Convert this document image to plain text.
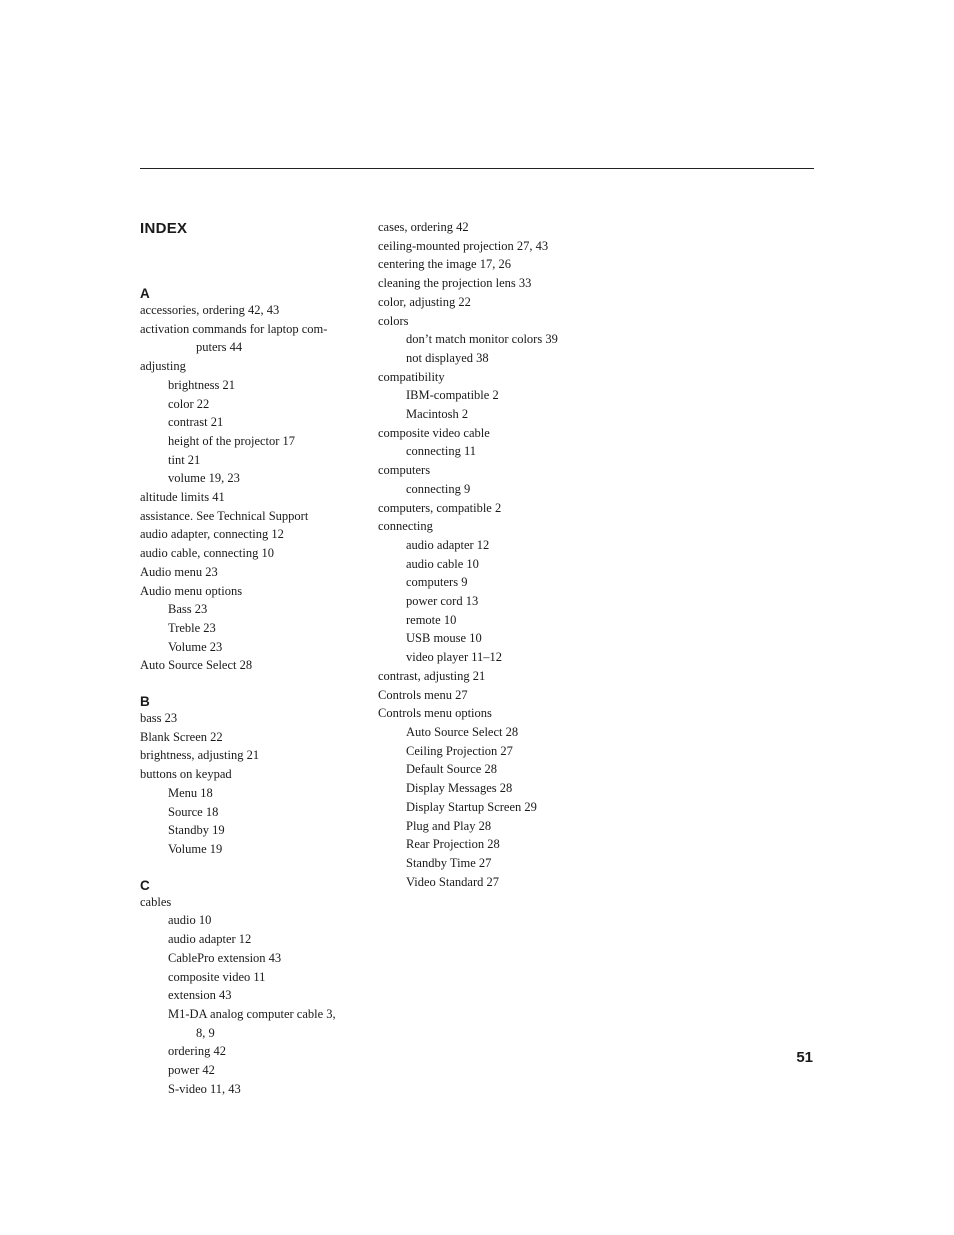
INDEX
A
accessories, ordering 42, 43
activation commands for laptop com-
puters 44
adjusting
brightness 21
color 22
contrast 21
height of the projector 17
tint 21
volume 19, 23
altitude limits 41
assistance. See Technical Support
audio adapter, connecting 12
audio cable, connecting 10
Audio menu 23
Audio menu options
Bass 23
Treble 23
Volume 23
Auto Source Select 28
B
bass 23
Blank Screen 22
brightness, adjusting 21
buttons on keypad
Menu 18
Source 18
Standby 19
Volume 19
C
cables
audio 10
audio adapter 12
CablePro extension 43
composite video 11
extension 43
M1-DA analog computer cable 3,
8, 9
ordering 42
power 42
S-video 11, 43
cases, ordering 42
ceiling-mounted projection 27, 43
centering the image 17, 26
cleaning the projection lens 33
color, adjusting 22
colors
don’t match monitor colors 39
not displayed 38
compatibility
IBM-compatible 2
Macintosh 2
composite video cable
connecting 11
computers
connecting 9
computers, compatible 2
connecting
audio adapter 12
audio cable 10
computers 9
power cord 13
remote 10
USB mouse 10
video player 11–12
contrast, adjusting 21
Controls menu 27
Controls menu options
Auto Source Select 28
Ceiling Projection 27
Default Source 28
Display Messages 28
Display Startup Screen 29
Plug and Play 28
Rear Projection 28
Standby Time 27
Video Standard 27
51
